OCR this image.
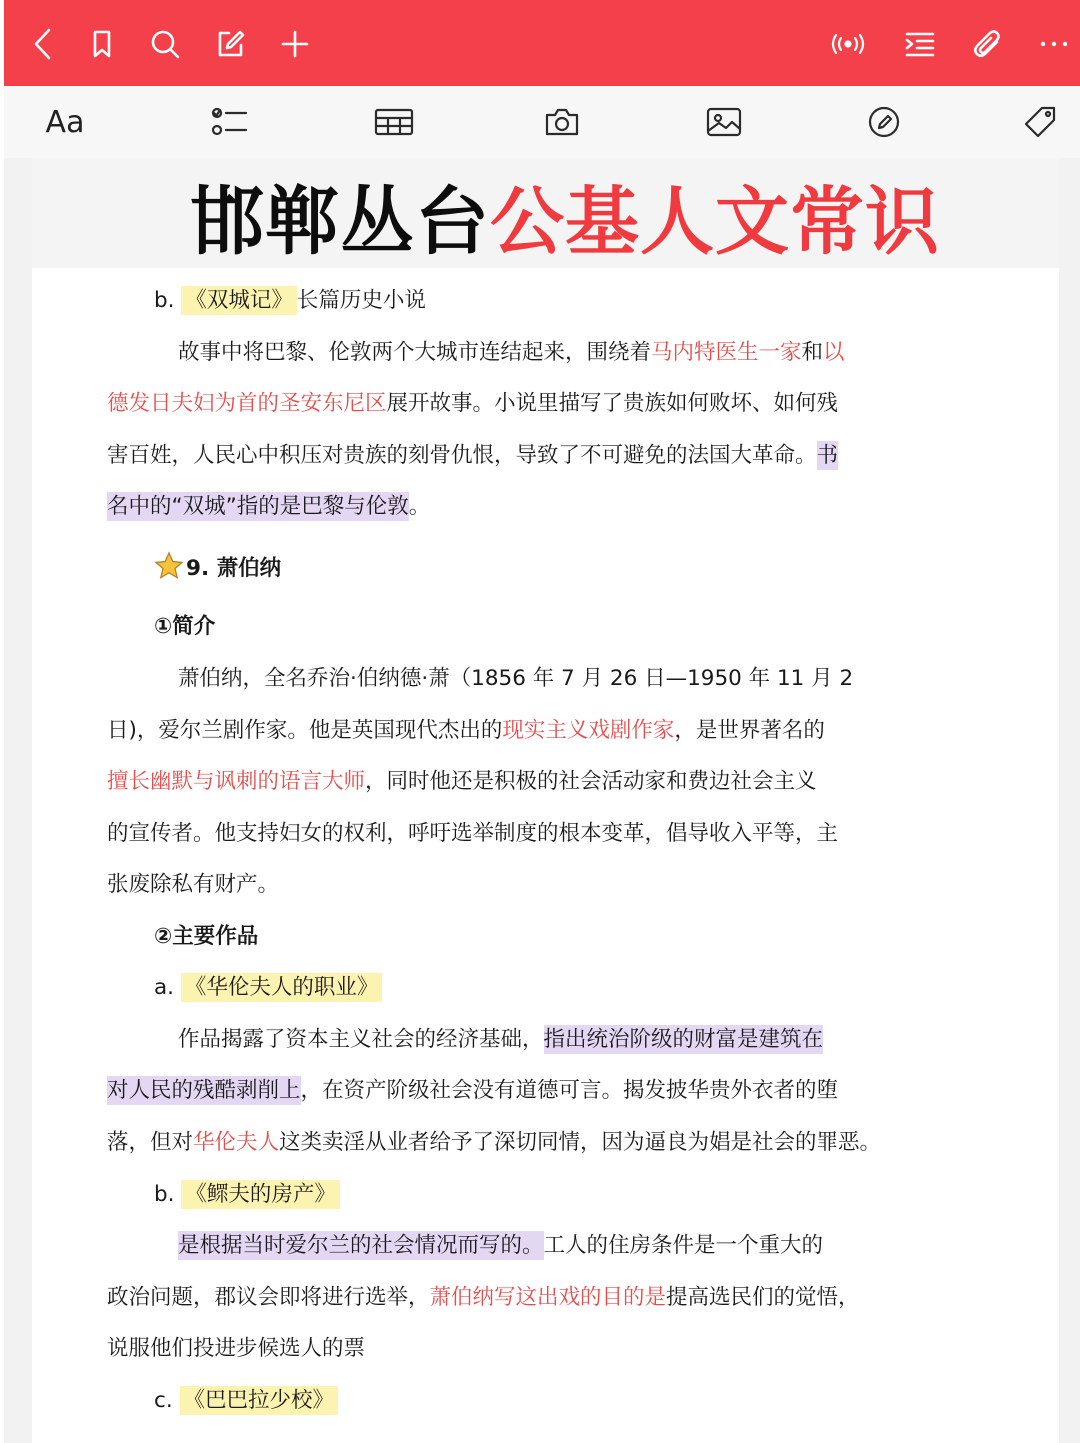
Aa
邯郸丛台公基人文常识
b. 《双城记》 长篇历史小说
故事中将巴黎、伦敦两个大城市连结起来，围绕着马内特医生一家和以
德发日夫妇为首的圣安东尼区展开故事。小说里描写了贵族如何败坏、如何残
害百姓，人民心中积压对贵族的刻骨仇恨，导致了不可避免的法国大革命。书
名中的“双城”指的是巴黎与伦敦。
9. 萧伯纳
①简介
萧伯纳，全名乔治·伯纳德·萧（1856 年 7 月 26 日—1950 年 11 月 2
日)，爱尔兰剧作家。他是英国现代杰出的现实主义戏剧作家，是世界著名的
擅长幽默与讽刺的语言大师，同时他还是积极的社会活动家和费边社会主义
的宣传者。他支持妇女的权利，呼吁选举制度的根本变革，倡导收入平等，主
张废除私有财产。
②主要作品
a. 《华伦夫人的职业》
作品揭露了资本主义社会的经济基础，指出统治阶级的财富是建筑在
对人民的残酷剥削上，在资产阶级社会没有道德可言。揭发披华贵外衣者的堕
落，但对华伦夫人这类卖淫从业者给予了深切同情，因为逼良为娼是社会的罪恶。
b. 《鳏夫的房产》
是根据当时爱尔兰的社会情况而写的。工人的住房条件是一个重大的
政治问题，郡议会即将进行选举，萧伯纳写这出戏的目的是提高选民们的觉悟，
说服他们投进步候选人的票
c. 《巴巴拉少校》
